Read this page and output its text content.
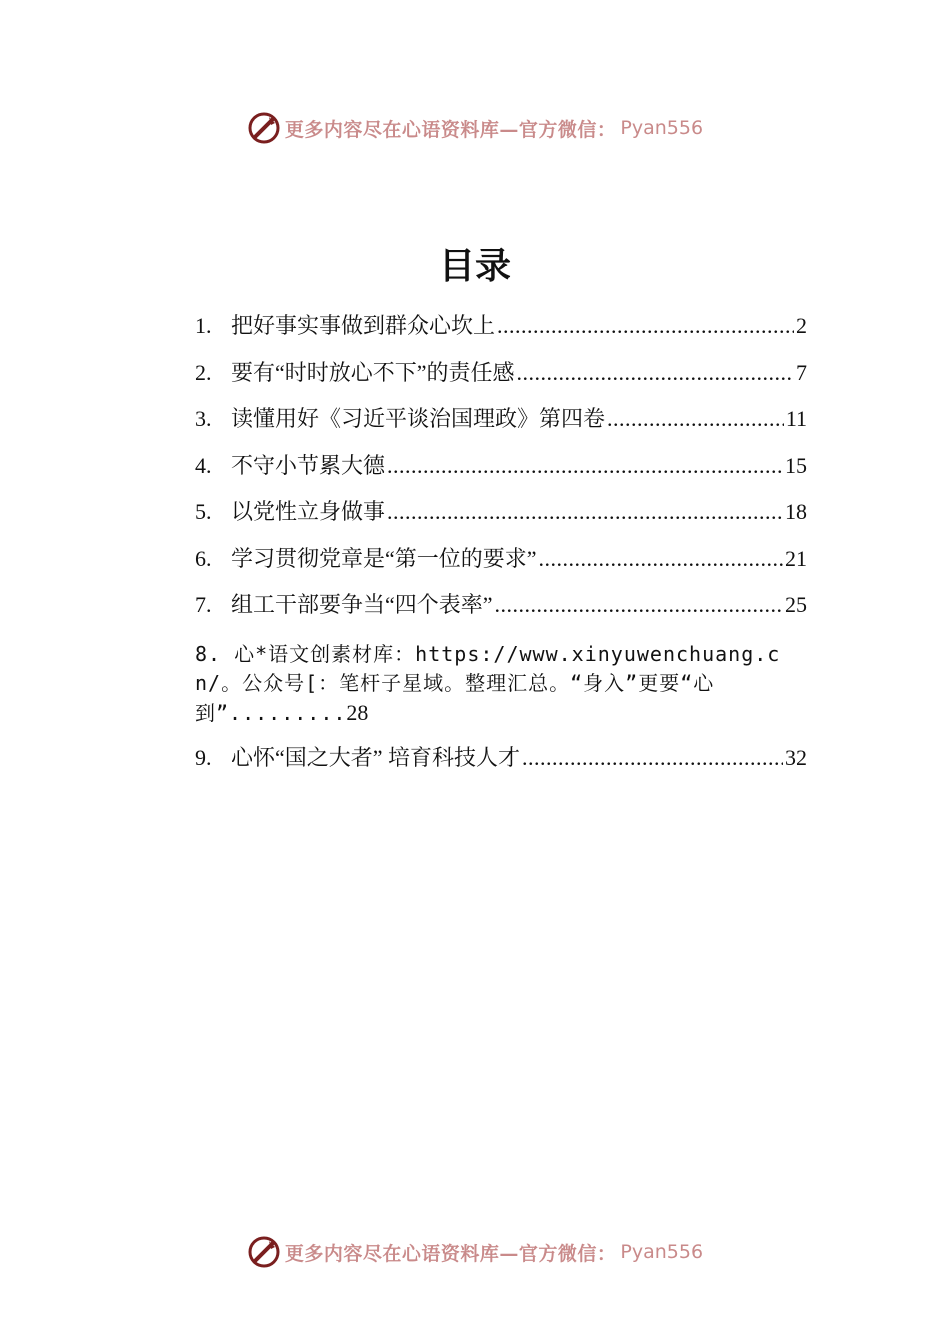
更多内容尽在心语资料库—官方微信： Pyan556
目录
1. 把好事实事做到群众心坎上 .....	2
2. 要有“时时放心不下”的责任感 .....	7
3. 读懂用好《习近平谈治国理政》第四卷 .....	11
4. 不守小节累大德 .....	15
5. 以党性立身做事 .....	18
6. 学习贯彻党章是“第一位的要求” .....	21
7. 组工干部要争当“四个表率” .....	25
8. 心*语文创素材库：https://www.xinyuwenchuang.cn/。公众号[：笔杆子星域。整理汇总。“身入”更要“心到”.........28
9. 心怀“国之大者” 培育科技人才 .....	32
更多内容尽在心语资料库—官方微信： Pyan556
